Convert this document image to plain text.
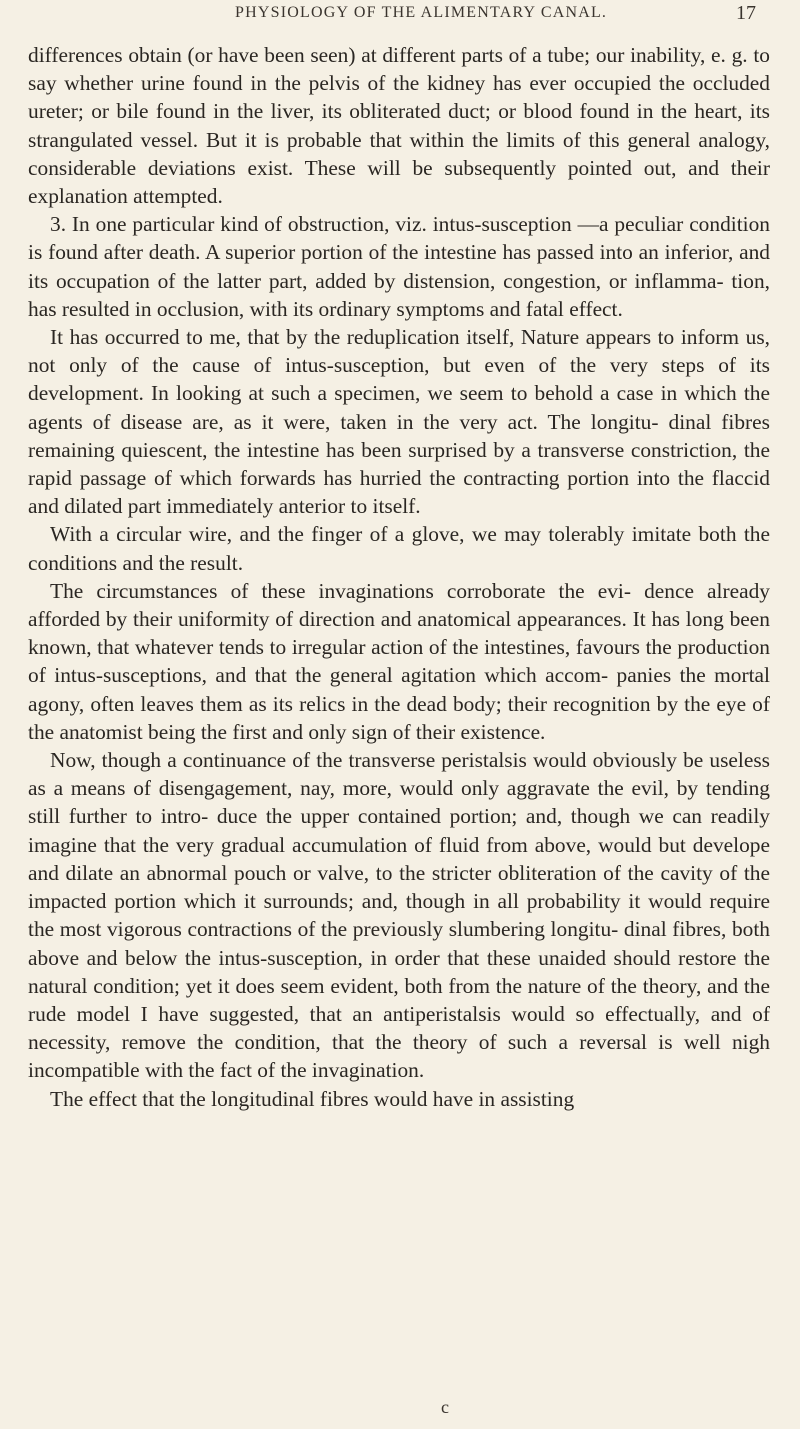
PHYSIOLOGY OF THE ALIMENTARY CANAL.	17

differences obtain (or have been seen) at different parts of a tube; our inability, e. g. to say whether urine found in the pelvis of the kidney has ever occupied the occluded ureter; or bile found in the liver, its obliterated duct; or blood found in the heart, its strangulated vessel. But it is probable that within the limits of this general analogy, considerable deviations exist. These will be subsequently pointed out, and their explanation attempted.

3. In one particular kind of obstruction, viz. intus-susception —a peculiar condition is found after death. A superior portion of the intestine has passed into an inferior, and its occupation of the latter part, added by distension, congestion, or inflamma- tion, has resulted in occlusion, with its ordinary symptoms and fatal effect.

It has occurred to me, that by the reduplication itself, Nature appears to inform us, not only of the cause of intus-susception, but even of the very steps of its development. In looking at such a specimen, we seem to behold a case in which the agents of disease are, as it were, taken in the very act. The longitu- dinal fibres remaining quiescent, the intestine has been surprised by a transverse constriction, the rapid passage of which forwards has hurried the contracting portion into the flaccid and dilated part immediately anterior to itself.

With a circular wire, and the finger of a glove, we may tolerably imitate both the conditions and the result.

The circumstances of these invaginations corroborate the evi- dence already afforded by their uniformity of direction and anatomical appearances. It has long been known, that whatever tends to irregular action of the intestines, favours the production of intus-susceptions, and that the general agitation which accom- panies the mortal agony, often leaves them as its relics in the dead body; their recognition by the eye of the anatomist being the first and only sign of their existence.

Now, though a continuance of the transverse peristalsis would obviously be useless as a means of disengagement, nay, more, would only aggravate the evil, by tending still further to intro- duce the upper contained portion; and, though we can readily imagine that the very gradual accumulation of fluid from above, would but develope and dilate an abnormal pouch or valve, to the stricter obliteration of the cavity of the impacted portion which it surrounds; and, though in all probability it would require the most vigorous contractions of the previously slumbering longitu- dinal fibres, both above and below the intus-susception, in order that these unaided should restore the natural condition; yet it does seem evident, both from the nature of the theory, and the rude model I have suggested, that an antiperistalsis would so effectually, and of necessity, remove the condition, that the theory of such a reversal is well nigh incompatible with the fact of the invagination.

The effect that the longitudinal fibres would have in assisting

c
